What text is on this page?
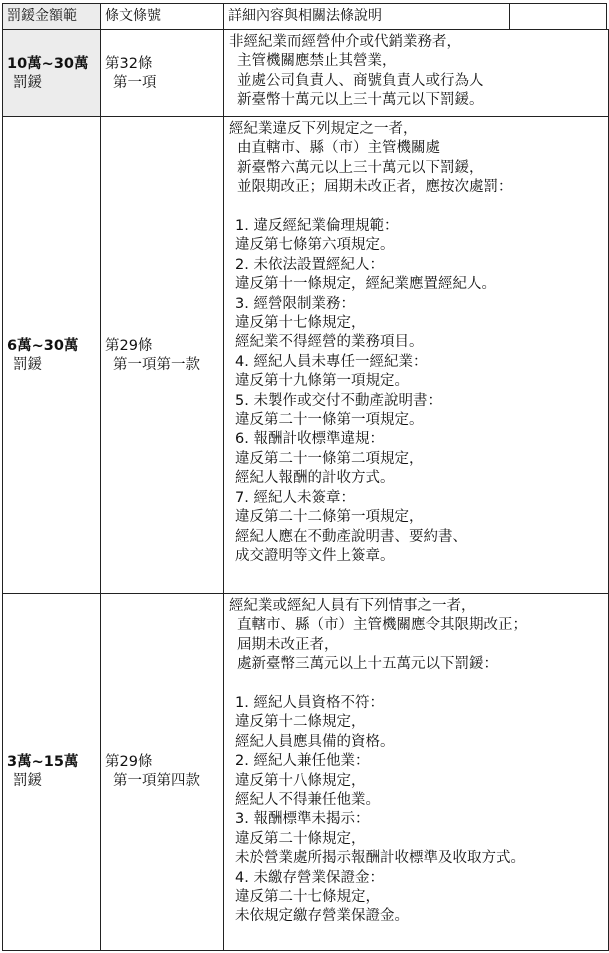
罰鍰金額範	條文條號	詳細內容與相關法條說明
10萬~30萬
罰鍰
第32條
第一項
非經紀業而經營仲介或代銷業務者，
主管機關應禁止其營業，
並處公司負責人、商號負責人或行為人
新臺幣十萬元以上三十萬元以下罰鍰。
6萬~30萬
罰鍰
第29條
第一項第一款
經紀業違反下列規定之一者，
由直轄市、縣（市）主管機關處
新臺幣六萬元以上三十萬元以下罰鍰，
並限期改正；屆期未改正者，應按次處罰：
1. 違反經紀業倫理規範：
違反第七條第六項規定。
2. 未依法設置經紀人：
違反第十一條規定，經紀業應置經紀人。
3. 經營限制業務：
違反第十七條規定，
經紀業不得經營的業務項目。
4. 經紀人員未專任一經紀業：
違反第十九條第一項規定。
5. 未製作或交付不動產說明書：
違反第二十一條第一項規定。
6. 報酬計收標準違規：
違反第二十一條第二項規定，
經紀人報酬的計收方式。
7. 經紀人未簽章：
違反第二十二條第一項規定，
經紀人應在不動產說明書、要約書、
成交證明等文件上簽章。
3萬~15萬
罰鍰
第29條
第一項第四款
經紀業或經紀人員有下列情事之一者，
直轄市、縣（市）主管機關應令其限期改正；
屆期未改正者，
處新臺幣三萬元以上十五萬元以下罰鍰：
1. 經紀人員資格不符：
違反第十二條規定，
經紀人員應具備的資格。
2. 經紀人兼任他業：
違反第十八條規定，
經紀人不得兼任他業。
3. 報酬標準未揭示：
違反第二十條規定，
未於營業處所揭示報酬計收標準及收取方式。
4. 未繳存營業保證金：
違反第二十七條規定，
未依規定繳存營業保證金。
